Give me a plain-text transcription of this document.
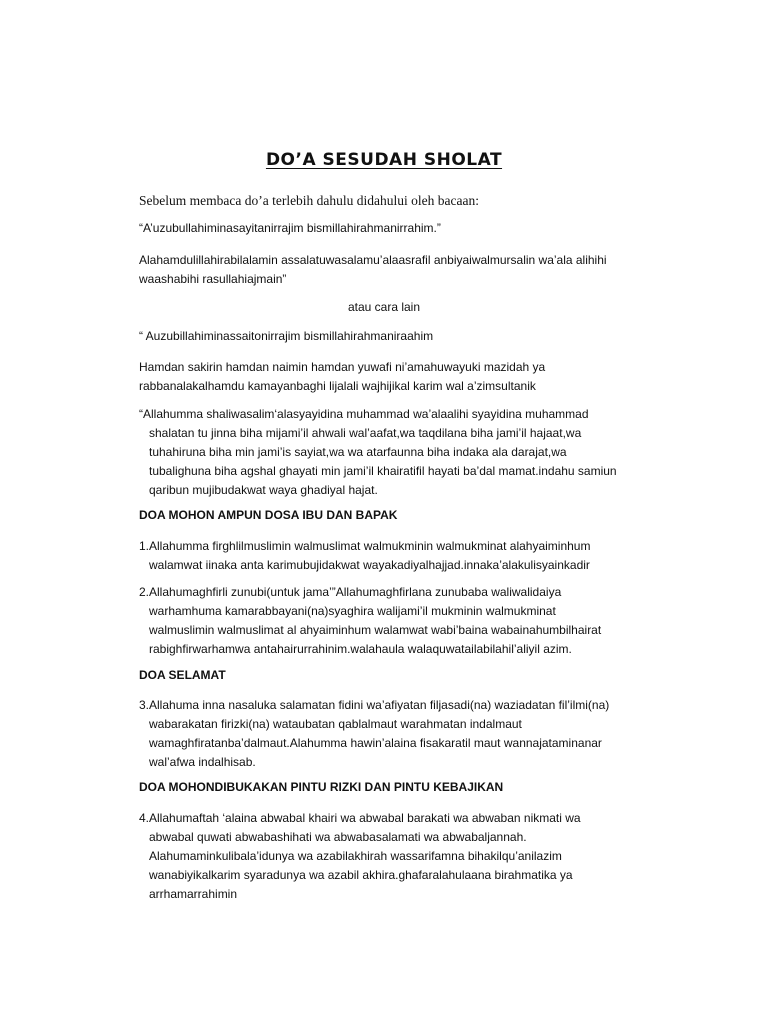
DO’A SESUDAH SHOLAT

Sebelum membaca do’a terlebih dahulu didahului oleh bacaan:

“A’uzubullahiminasayitanirrajim bismillahirahmanirrahim.”

Alahamdulillahirabilalamin assalatuwasalamu’alaasrafil anbiyaiwalmursalin wa’ala alihihi
waashabihi rasullahiajmain”

atau cara lain

“ Auzubillahiminassaitonirrajim bismillahirahmaniraahim

Hamdan sakirin hamdan naimin hamdan yuwafi ni’amahuwayuki mazidah ya
rabbanalakalhamdu kamayanbaghi lijalali wajhijikal karim wal a’zimsultanik

“Allahumma shaliwasalim‘alasyayidina muhammad wa’alaalihi syayidina muhammad
shalatan tu jinna biha mijami’il ahwali wal’aafat,wa taqdilana biha jami’il hajaat,wa
tuhahiruna biha min jami’is sayiat,wa wa atarfaunna biha indaka ala darajat,wa
tubalighuna biha agshal ghayati min jami’il khairatifil hayati ba’dal mamat.indahu samiun
qaribun mujibudakwat waya ghadiyal hajat.

DOA MOHON AMPUN DOSA IBU DAN BAPAK

1.Allahumma firghlilmuslimin walmuslimat walmukminin walmukminat alahyaiminhum
walamwat iinaka anta karimubujidakwat wayakadiyalhajjad.innaka’alakulisyainkadir

2.Allahumaghfirli zunubi(untuk jama’”Allahumaghfirlana zunubaba waliwalidaiya
warhamhuma kamarabbayani(na)syaghira walijami’il mukminin walmukminat
walmuslimin walmuslimat al ahyaiminhum walamwat wabi’baina wabainahumbilhairat
rabighfirwarhamwa antahairurrahinim.walahaula walaquwatailabilahil’aliyil azim.

DOA SELAMAT

3.Allahuma inna nasaluka salamatan fidini wa’afiyatan filjasadi(na) waziadatan fil’ilmi(na)
wabarakatan firizki(na) wataubatan qablalmaut warahmatan indalmaut
wamaghfiratanba’dalmaut.Alahumma hawin’alaina fisakaratil maut wannajataminanar
wal’afwa indalhisab.

DOA MOHONDIBUKAKAN PINTU RIZKI DAN PINTU KEBAJIKAN

4.Allahumaftah ‘alaina abwabal khairi wa abwabal barakati wa abwaban nikmati wa
abwabal quwati abwabashihati wa abwabasalamati wa abwabaljannah.
Alahumaminkulibala’idunya wa azabilakhirah wassarifamna bihakilqu’anilazim
wanabiyikalkarim syaradunya wa azabil akhira.ghafaralahulaana birahmatika ya
arrhamarrahimin
